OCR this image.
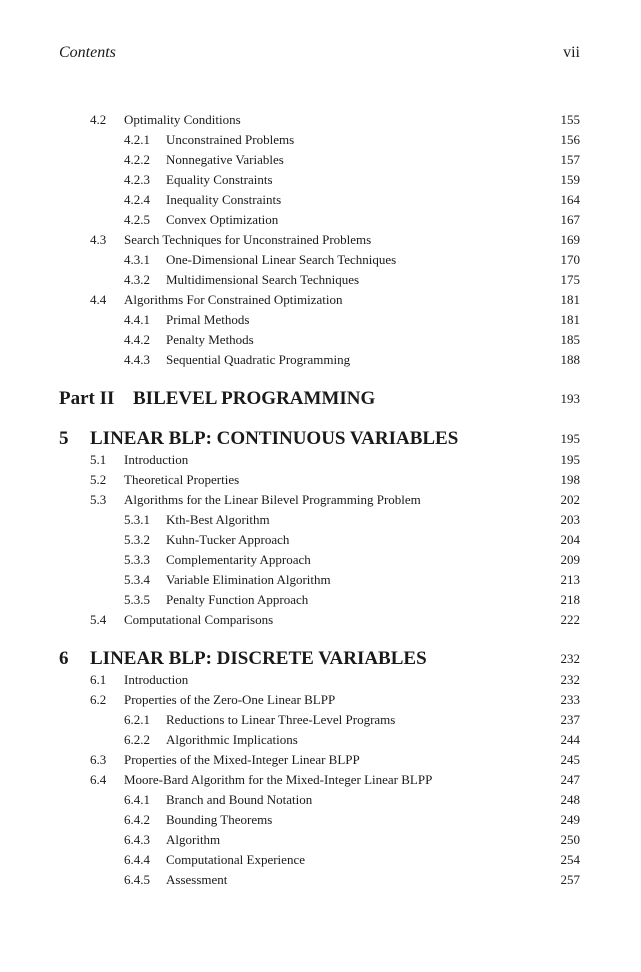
Contents	vii
4.2 Optimality Conditions	155
4.2.1 Unconstrained Problems	156
4.2.2 Nonnegative Variables	157
4.2.3 Equality Constraints	159
4.2.4 Inequality Constraints	164
4.2.5 Convex Optimization	167
4.3 Search Techniques for Unconstrained Problems	169
4.3.1 One-Dimensional Linear Search Techniques	170
4.3.2 Multidimensional Search Techniques	175
4.4 Algorithms For Constrained Optimization	181
4.4.1 Primal Methods	181
4.4.2 Penalty Methods	185
4.4.3 Sequential Quadratic Programming	188
Part II BILEVEL PROGRAMMING	193
5 LINEAR BLP: CONTINUOUS VARIABLES	195
5.1 Introduction	195
5.2 Theoretical Properties	198
5.3 Algorithms for the Linear Bilevel Programming Problem	202
5.3.1 Kth-Best Algorithm	203
5.3.2 Kuhn-Tucker Approach	204
5.3.3 Complementarity Approach	209
5.3.4 Variable Elimination Algorithm	213
5.3.5 Penalty Function Approach	218
5.4 Computational Comparisons	222
6 LINEAR BLP: DISCRETE VARIABLES	232
6.1 Introduction	232
6.2 Properties of the Zero-One Linear BLPP	233
6.2.1 Reductions to Linear Three-Level Programs	237
6.2.2 Algorithmic Implications	244
6.3 Properties of the Mixed-Integer Linear BLPP	245
6.4 Moore-Bard Algorithm for the Mixed-Integer Linear BLPP	247
6.4.1 Branch and Bound Notation	248
6.4.2 Bounding Theorems	249
6.4.3 Algorithm	250
6.4.4 Computational Experience	254
6.4.5 Assessment	257
